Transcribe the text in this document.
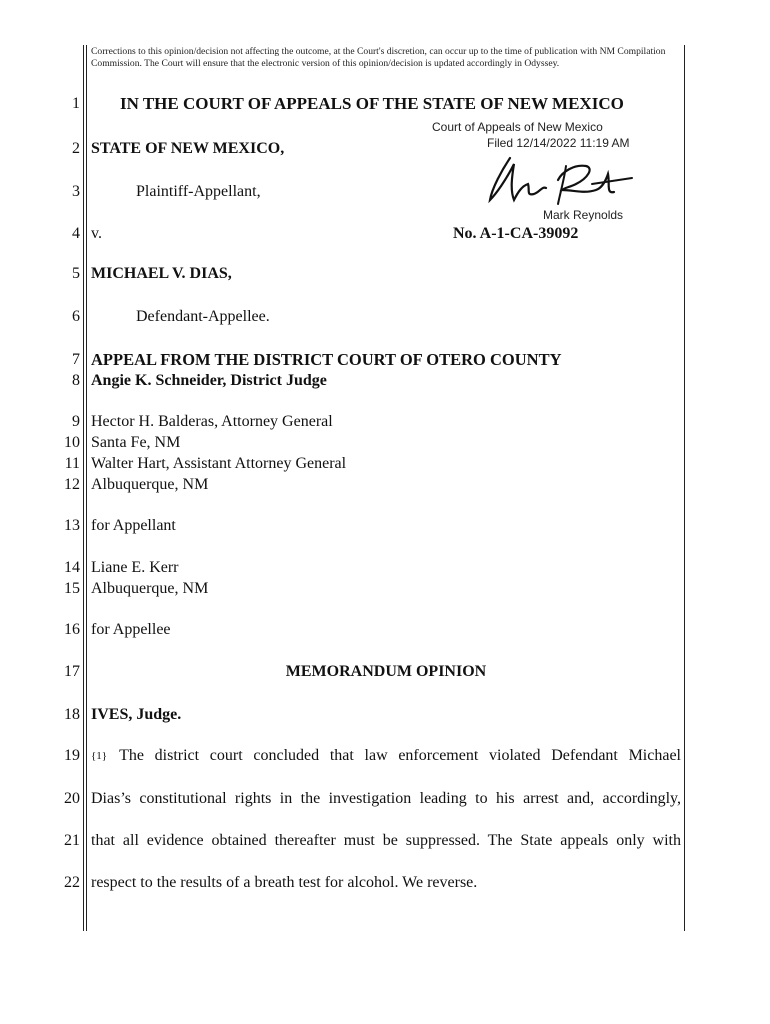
Corrections to this opinion/decision not affecting the outcome, at the Court's discretion, can occur up to the time of publication with NM Compilation Commission. The Court will ensure that the electronic version of this opinion/decision is updated accordingly in Odyssey.
1
2
3
4
5
6
7
8
9
10
11
12
13
14
15
16
17
18
19
20
21
22
IN THE COURT OF APPEALS OF THE STATE OF NEW MEXICO
Court of Appeals of New Mexico
Filed 12/14/2022 11:19 AM
Mark Reynolds
STATE OF NEW MEXICO,
Plaintiff-Appellant,
v.	No. A-1-CA-39092
MICHAEL V. DIAS,
Defendant-Appellee.
APPEAL FROM THE DISTRICT COURT OF OTERO COUNTY
Angie K. Schneider, District Judge
Hector H. Balderas, Attorney General
Santa Fe, NM
Walter Hart, Assistant Attorney General
Albuquerque, NM
for Appellant
Liane E. Kerr
Albuquerque, NM
for Appellee
MEMORANDUM OPINION
IVES, Judge.
{1} The district court concluded that law enforcement violated Defendant Michael
Dias’s constitutional rights in the investigation leading to his arrest and, accordingly,
that all evidence obtained thereafter must be suppressed. The State appeals only with
respect to the results of a breath test for alcohol. We reverse.
